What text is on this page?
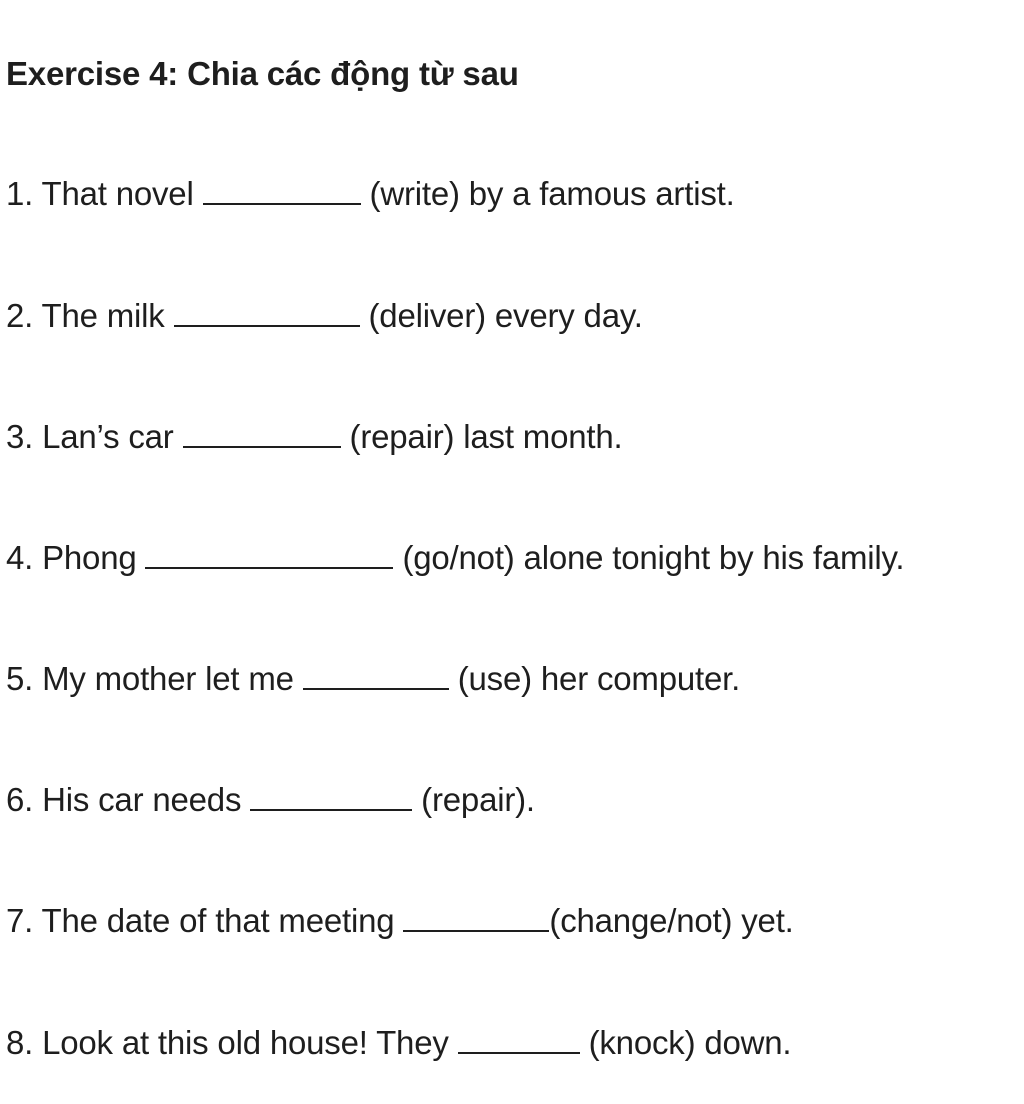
Exercise 4: Chia các động từ sau
1. That novel	(write) by a famous artist.
2. The milk	(deliver) every day.
3. Lan’s car	(repair) last month.
4. Phong	(go/not) alone tonight by his family.
5. My mother let me	(use) her computer.
6. His car needs	(repair).
7. The date of that meeting	(change/not) yet.
8. Look at this old house! They	(knock) down.
